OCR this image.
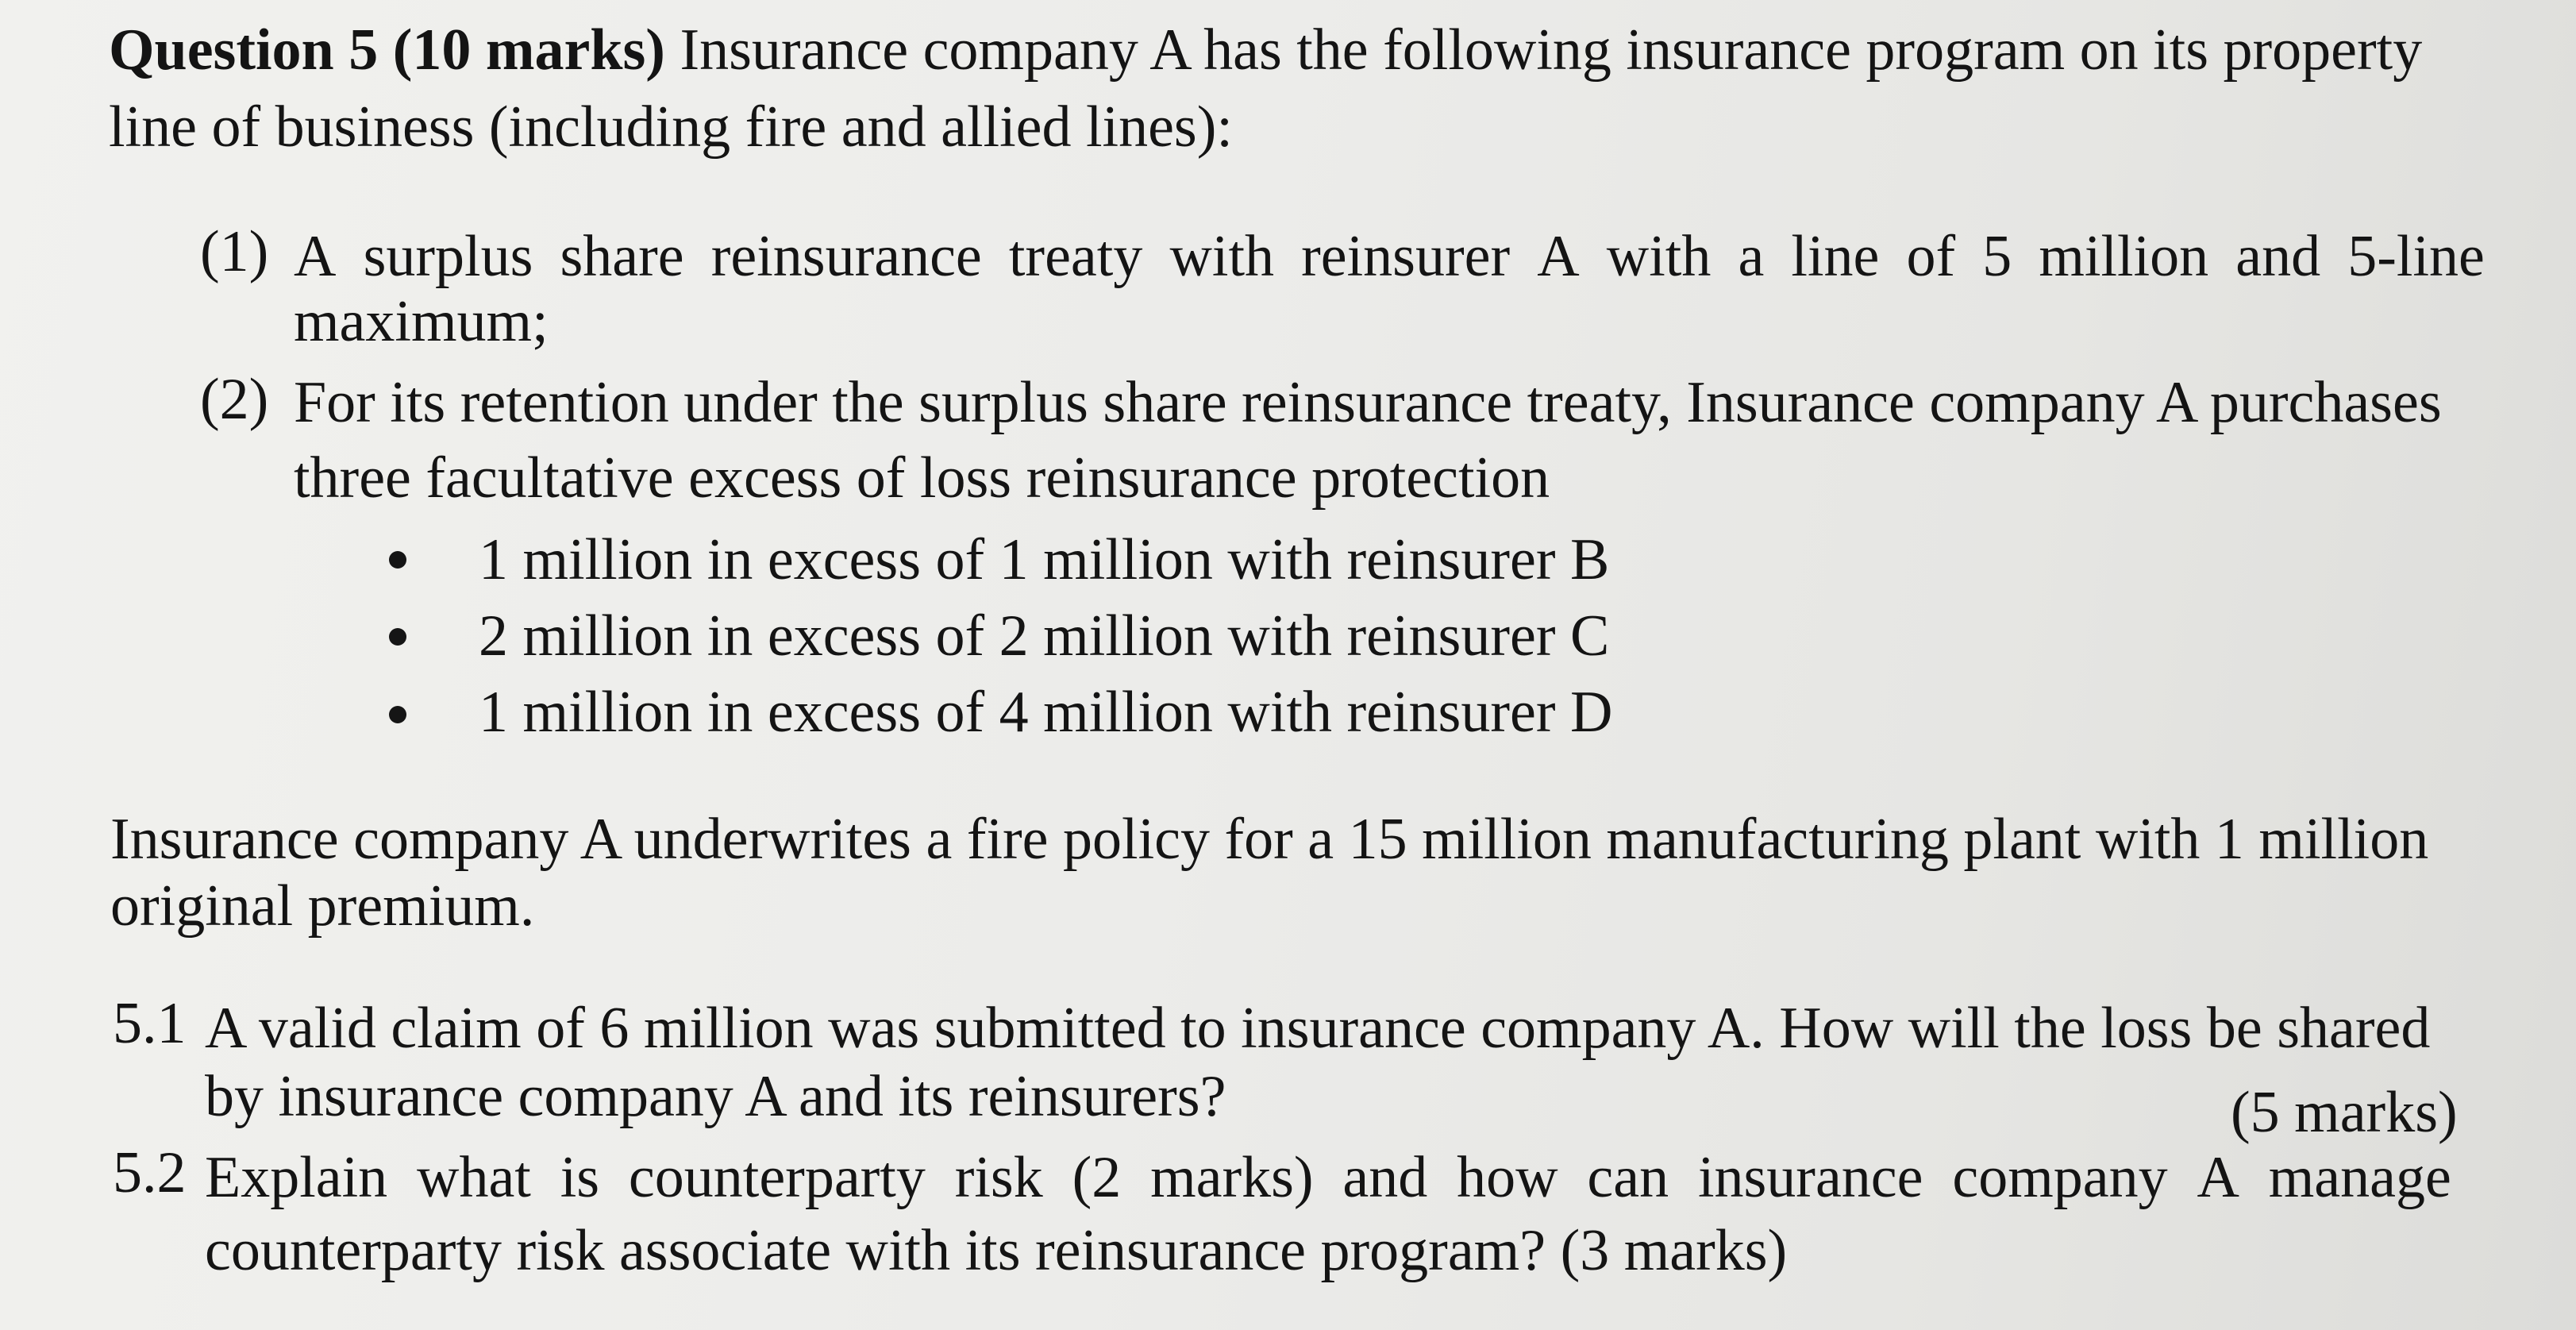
Question 5 (10 marks) Insurance company A has the following insurance program on its property
line of business (including fire and allied lines):
(1) A surplus share reinsurance treaty with reinsurer A with a line of 5 million and 5-line
maximum;
(2) For its retention under the surplus share reinsurance treaty, Insurance company A purchases
three facultative excess of loss reinsurance protection
1 million in excess of 1 million with reinsurer B
2 million in excess of 2 million with reinsurer C
1 million in excess of 4 million with reinsurer D
Insurance company A underwrites a fire policy for a 15 million manufacturing plant with 1 million
original premium.
5.1 A valid claim of 6 million was submitted to insurance company A. How will the loss be shared
by insurance company A and its reinsurers?	(5 marks)
5.2 Explain what is counterparty risk (2 marks) and how can insurance company A manage
counterparty risk associate with its reinsurance program? (3 marks)
